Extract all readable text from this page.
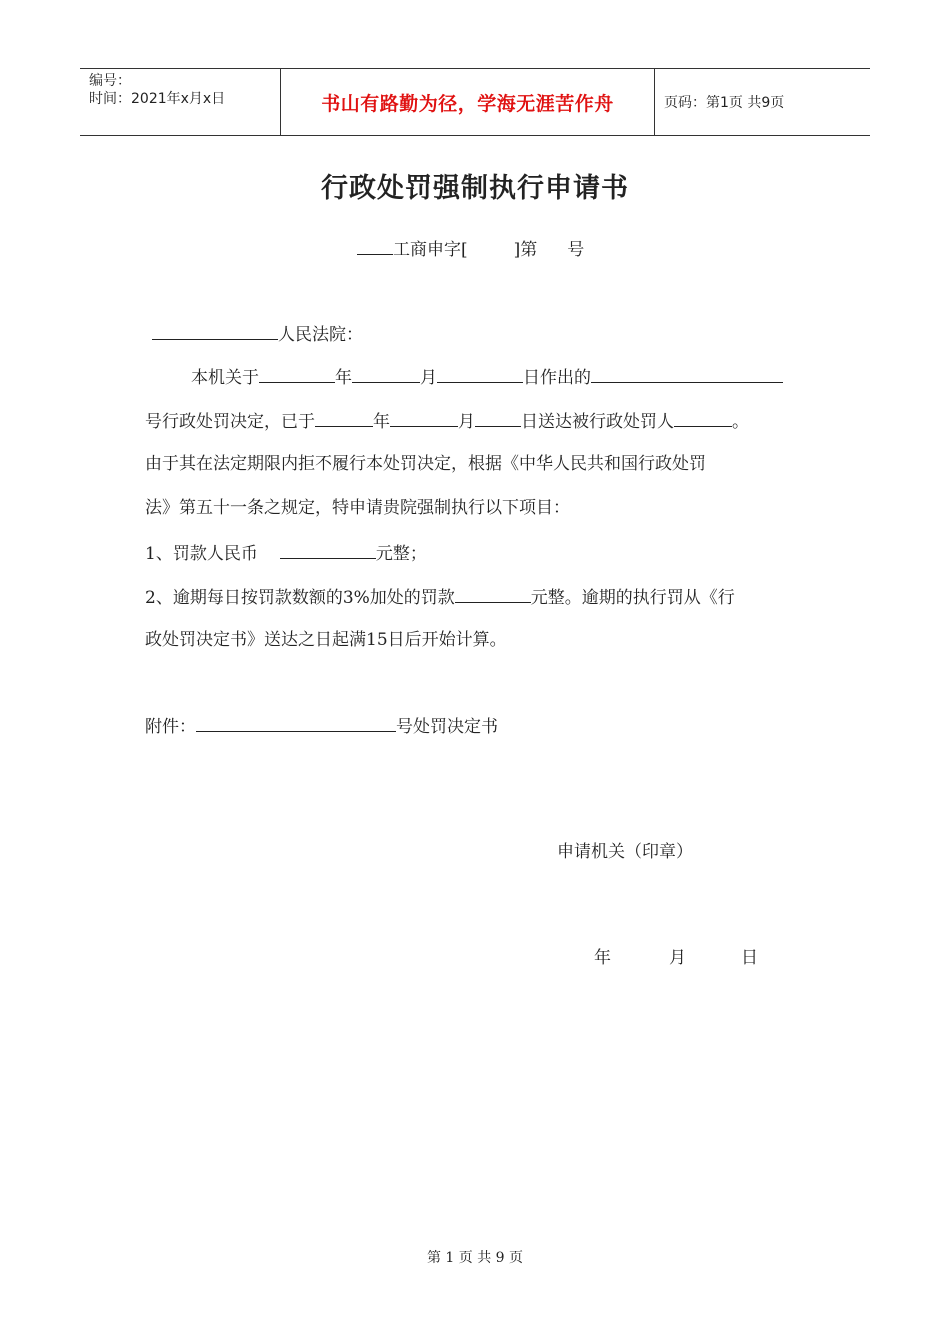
编号：
时间：2021年x月x日	书山有路勤为径，学海无涯苦作舟	页码：第1页 共9页
行政处罚强制执行申请书
工商申字[	]第 号
人民法院：
本机关于	年	月	日作出的
号行政处罚决定，已于	年	月	日送达被行政处罚人	。
由于其在法定期限内拒不履行本处罚决定，根据《中华人民共和国行政处罚
法》第五十一条之规定，特申请贵院强制执行以下项目：
1、罚款人民币	元整；
2、逾期每日按罚款数额的3%加处的罚款	元整。逾期的执行罚从《行
政处罚决定书》送达之日起满15日后开始计算。
附件：	号处罚决定书
申请机关（印章）
年	月	日
第 1 页 共 9 页
